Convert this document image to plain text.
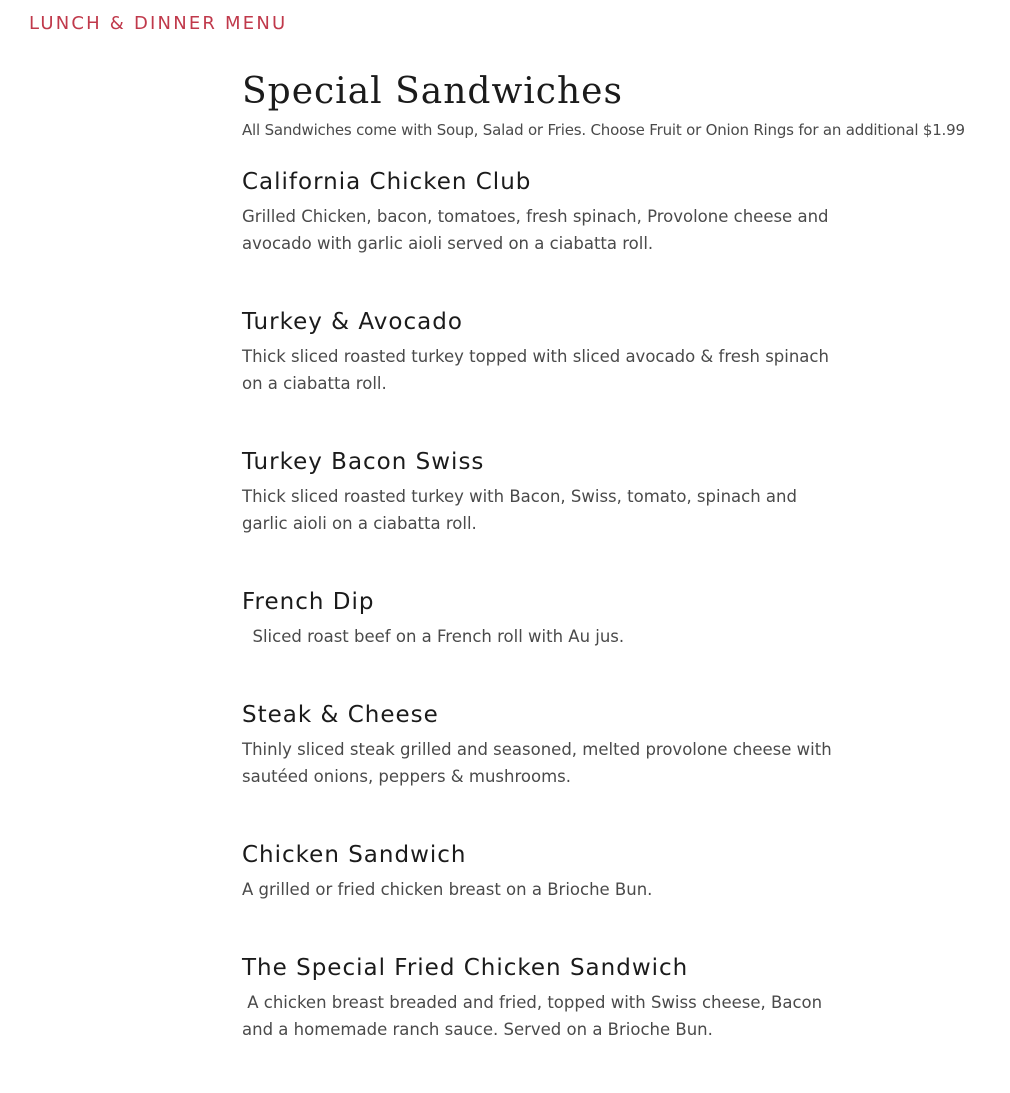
LUNCH & DINNER MENU
Special Sandwiches

All Sandwiches come with Soup, Salad or Fries. Choose Fruit or Onion Rings for an additional $1.99

California Chicken Club

Grilled Chicken, bacon, tomatoes, fresh spinach, Provolone cheese and avocado with garlic aioli served on a ciabatta roll.

Turkey & Avocado

Thick sliced roasted turkey topped with sliced avocado & fresh spinach on a ciabatta roll.

Turkey Bacon Swiss

Thick sliced roasted turkey with Bacon, Swiss, tomato, spinach and garlic aioli on a ciabatta roll.

French Dip

Sliced roast beef on a French roll with Au jus.

Steak & Cheese

Thinly sliced steak grilled and seasoned, melted provolone cheese with sautéed onions, peppers & mushrooms.

Chicken Sandwich

A grilled or fried chicken breast on a Brioche Bun.

The Special Fried Chicken Sandwich

A chicken breast breaded and fried, topped with Swiss cheese, Bacon and a homemade ranch sauce. Served on a Brioche Bun.
